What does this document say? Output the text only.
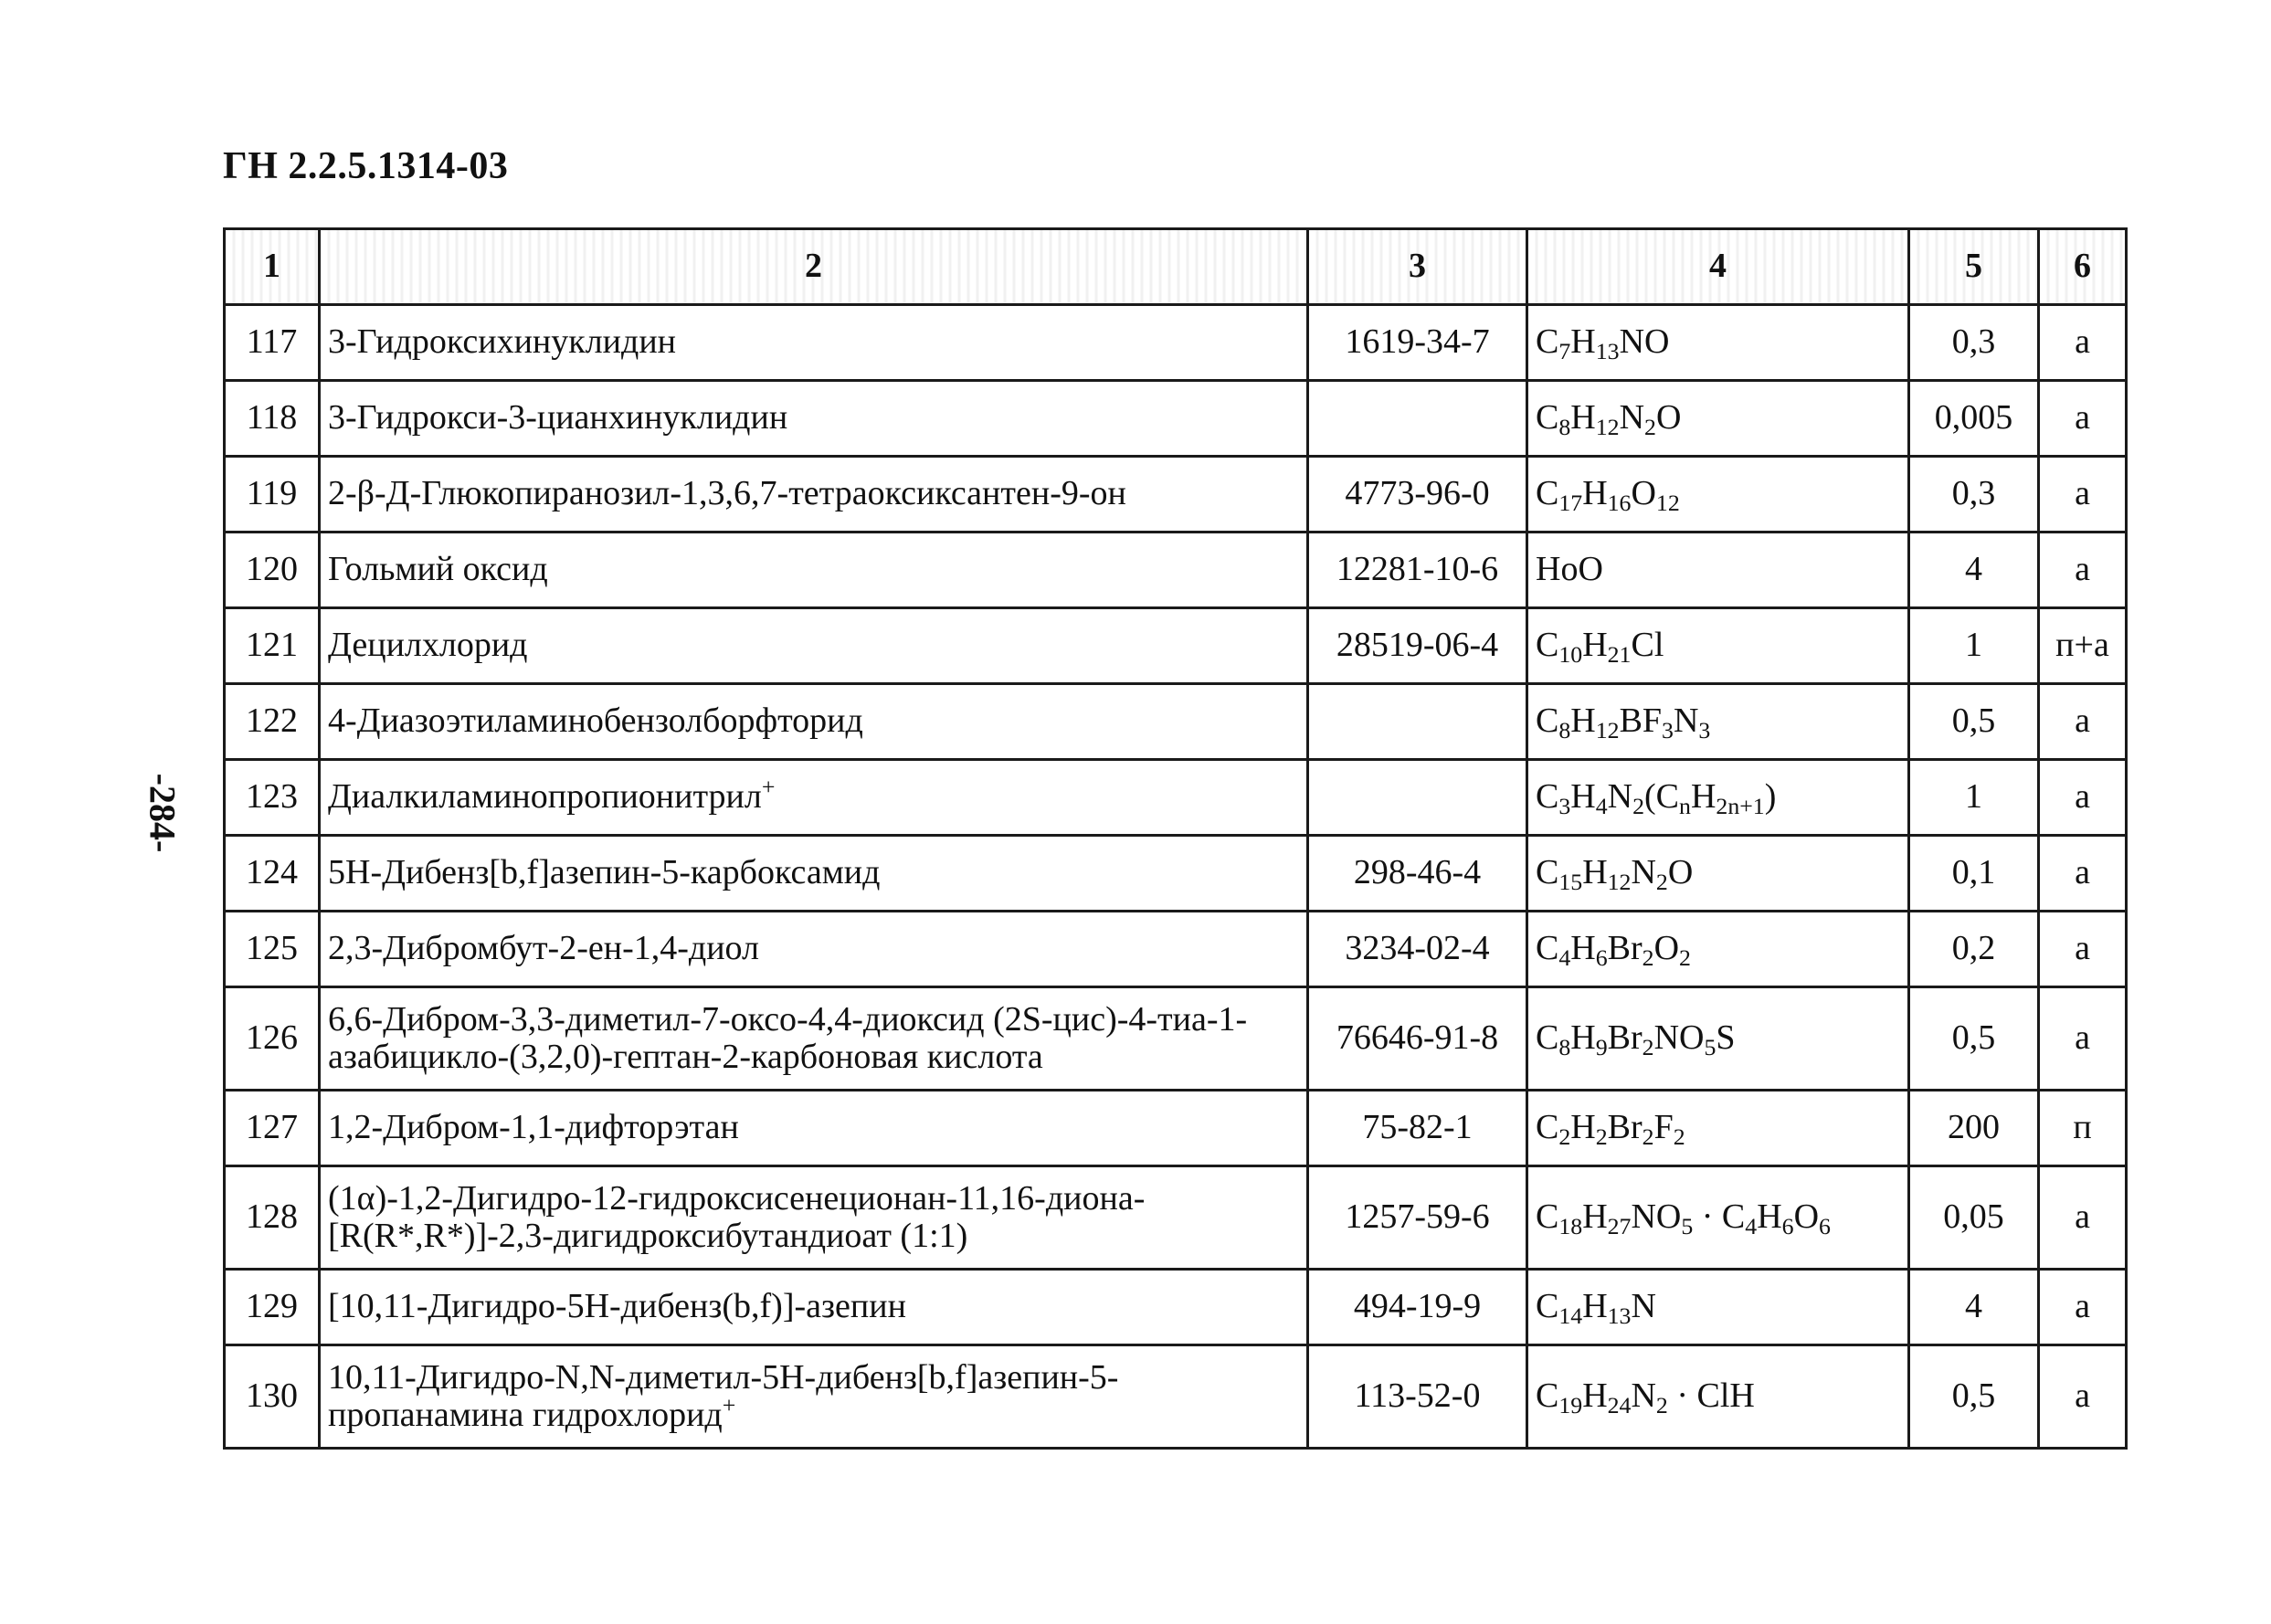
ГН 2.2.5.1314-03
-284-
1	2	3	4	5	6
117	3-Гидроксихинуклидин	1619-34-7	$C_7H_{13}NO$	0,3	а
118	3-Гидрокси-3-цианхинуклидин		$C_8H_{12}N_2O$	0,005	а
119	2-β-Д-Глюкопиранозил-1,3,6,7-тетраоксиксантен-9-он	4773-96-0	$C_{17}H_{16}O_{12}$	0,3	а
120	Гольмий оксид	12281-10-6	HoO	4	а
121	Децилхлорид	28519-06-4	$C_{10}H_{21}Cl$	1	п+а
122	4-Диазоэтиламинобензолборфторид		$C_8H_{12}BF_3N_3$	0,5	а
123	Диалкиламинопропионитрил+		$C_3H_4N_2(C_nH_{2n+1})$	1	а
124	5Н-Дибенз[b,f]азепин-5-карбоксамид	298-46-4	$C_{15}H_{12}N_2O$	0,1	а
125	2,3-Дибромбут-2-ен-1,4-диол	3234-02-4	$C_4H_6Br_2O_2$	0,2	а
126	6,6-Дибром-3,3-диметил-7-оксо-4,4-диоксид (2S-цис)-4-тиа-1-азабицикло-(3,2,0)-гептан-2-карбоновая кислота	76646-91-8	$C_8H_9Br_2NO_5S$	0,5	а
127	1,2-Дибром-1,1-дифторэтан	75-82-1	$C_2H_2Br_2F_2$	200	п
128	(1α)-1,2-Дигидро-12-гидроксисенеционан-11,16-диона-[R(R*,R*)]-2,3-дигидроксибутандиоат (1:1)	1257-59-6	$C_{18}H_{27}NO_5 \cdot C_4H_6O_6$	0,05	а
129	[10,11-Дигидро-5Н-дибенз(b,f)]-азепин	494-19-9	$C_{14}H_{13}N$	4	а
130	10,11-Дигидро-N,N-диметил-5Н-дибенз[b,f]азепин-5-пропанамина гидрохлорид+	113-52-0	$C_{19}H_{24}N_2$ · ClH	0,5	а
